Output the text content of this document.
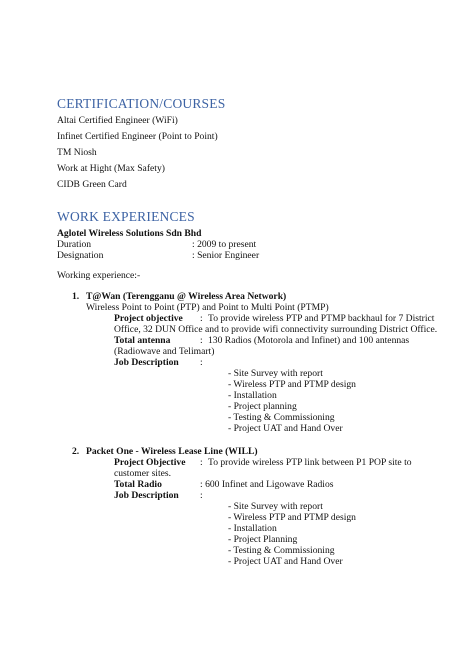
CERTIFICATION/COURSES
Altai Certified Engineer (WiFi)
Infinet Certified Engineer (Point to Point)
TM Niosh
Work at Hight (Max Safety)
CIDB Green Card
WORK EXPERIENCES
Aglotel Wireless Solutions Sdn Bhd
Duration	: 2009 to present
Designation	: Senior Engineer
Working experience:-
1. T@Wan (Terengganu @ Wireless Area Network)
Wireless Point to Point (PTP) and Point to Multi Point (PTMP)
Project objective : To provide wireless PTP and PTMP backhaul for 7 District
Office, 32 DUN Office and to provide wifi connectivity surrounding District Office.
Total antenna	: 130 Radios (Motorola and Infinet) and 100 antennas
(Radiowave and Telimart)
Job Description :
- Site Survey with report
- Wireless PTP and PTMP design
- Installation
- Project planning
- Testing & Commissioning
- Project UAT and Hand Over
2. Packet One - Wireless Lease Line (WILL)
Project Objective : To provide wireless PTP link between P1 POP site to
customer sites.
Total Radio	: 600 Infinet and Ligowave Radios
Job Description :
- Site Survey with report
- Wireless PTP and PTMP design
- Installation
- Project Planning
- Testing & Commissioning
- Project UAT and Hand Over
